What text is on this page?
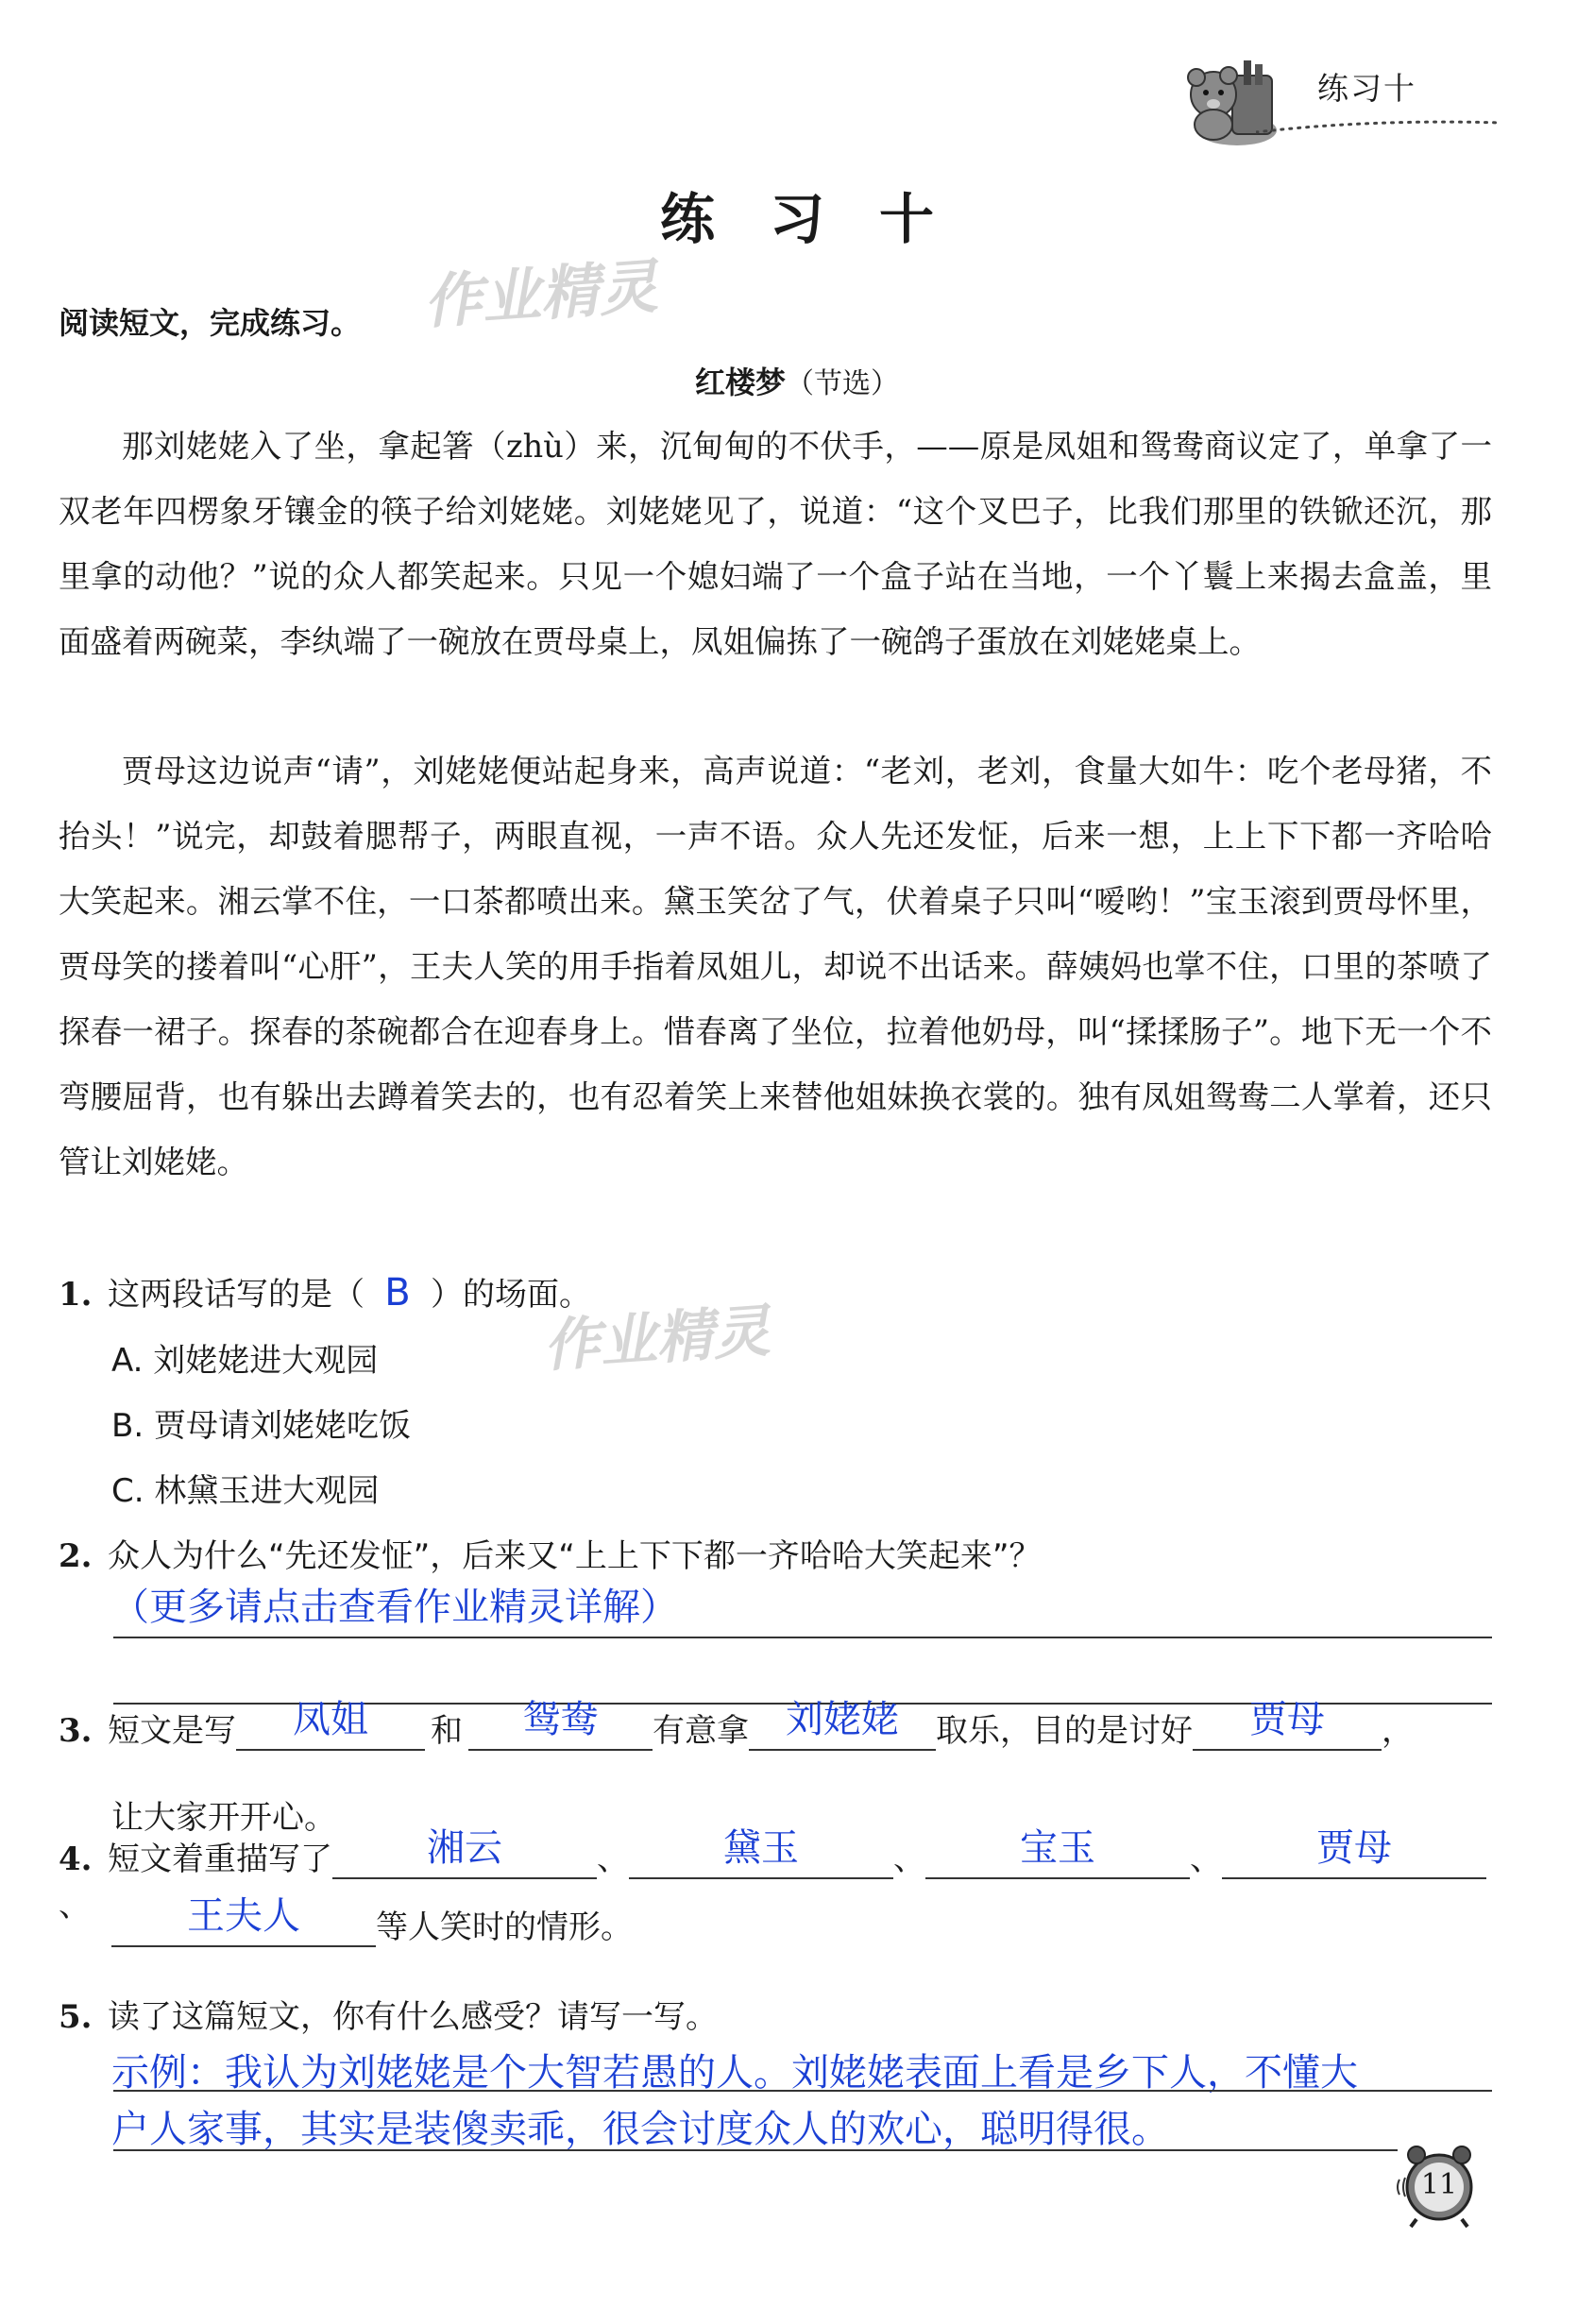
练习十
练习十
作业精灵
阅读短文，完成练习。
红楼梦（节选）
那刘姥姥入了坐，拿起箸（zhù）来，沉甸甸的不伏手，——原是凤姐和鸳鸯商议定了，单拿了一双老年四楞象牙镶金的筷子给刘姥姥。刘姥姥见了，说道：“这个叉巴子，比我们那里的铁锨还沉，那里拿的动他？”说的众人都笑起来。只见一个媳妇端了一个盒子站在当地，一个丫鬟上来揭去盒盖，里面盛着两碗菜，李纨端了一碗放在贾母桌上，凤姐偏拣了一碗鸽子蛋放在刘姥姥桌上。
贾母这边说声“请”，刘姥姥便站起身来，高声说道：“老刘，老刘，食量大如牛：吃个老母猪，不抬头！”说完，却鼓着腮帮子，两眼直视，一声不语。众人先还发怔，后来一想，上上下下都一齐哈哈大笑起来。湘云掌不住，一口茶都喷出来。黛玉笑岔了气，伏着桌子只叫“嗳哟！”宝玉滚到贾母怀里，贾母笑的搂着叫“心肝”，王夫人笑的用手指着凤姐儿，却说不出话来。薛姨妈也掌不住，口里的茶喷了探春一裙子。探春的茶碗都合在迎春身上。惜春离了坐位，拉着他奶母，叫“揉揉肠子”。地下无一个不弯腰屈背，也有躲出去蹲着笑去的，也有忍着笑上来替他姐妹换衣裳的。独有凤姐鸳鸯二人掌着，还只管让刘姥姥。
1. 这两段话写的是（ B ）的场面。
作业精灵
A. 刘姥姥进大观园
B. 贾母请刘姥姥吃饭
C. 林黛玉进大观园
2. 众人为什么“先还发怔”，后来又“上上下下都一齐哈哈大笑起来”？
（更多请点击查看作业精灵详解）
3. 短文是写	凤姐	和	鸳鸯	有意拿 刘姥姥	取乐，目的是讨好	贾母	，
让大家开开心。
4. 短文着重描写了	湘云	、	黛玉	、	宝玉	、	贾母
、	王夫人	等人笑时的情形。
5. 读了这篇短文，你有什么感受？请写一写。
示例：我认为刘姥姥是个大智若愚的人。刘姥姥表面上看是乡下人，不懂大
户人家事，其实是装傻卖乖，很会讨度众人的欢心，聪明得很。
11
